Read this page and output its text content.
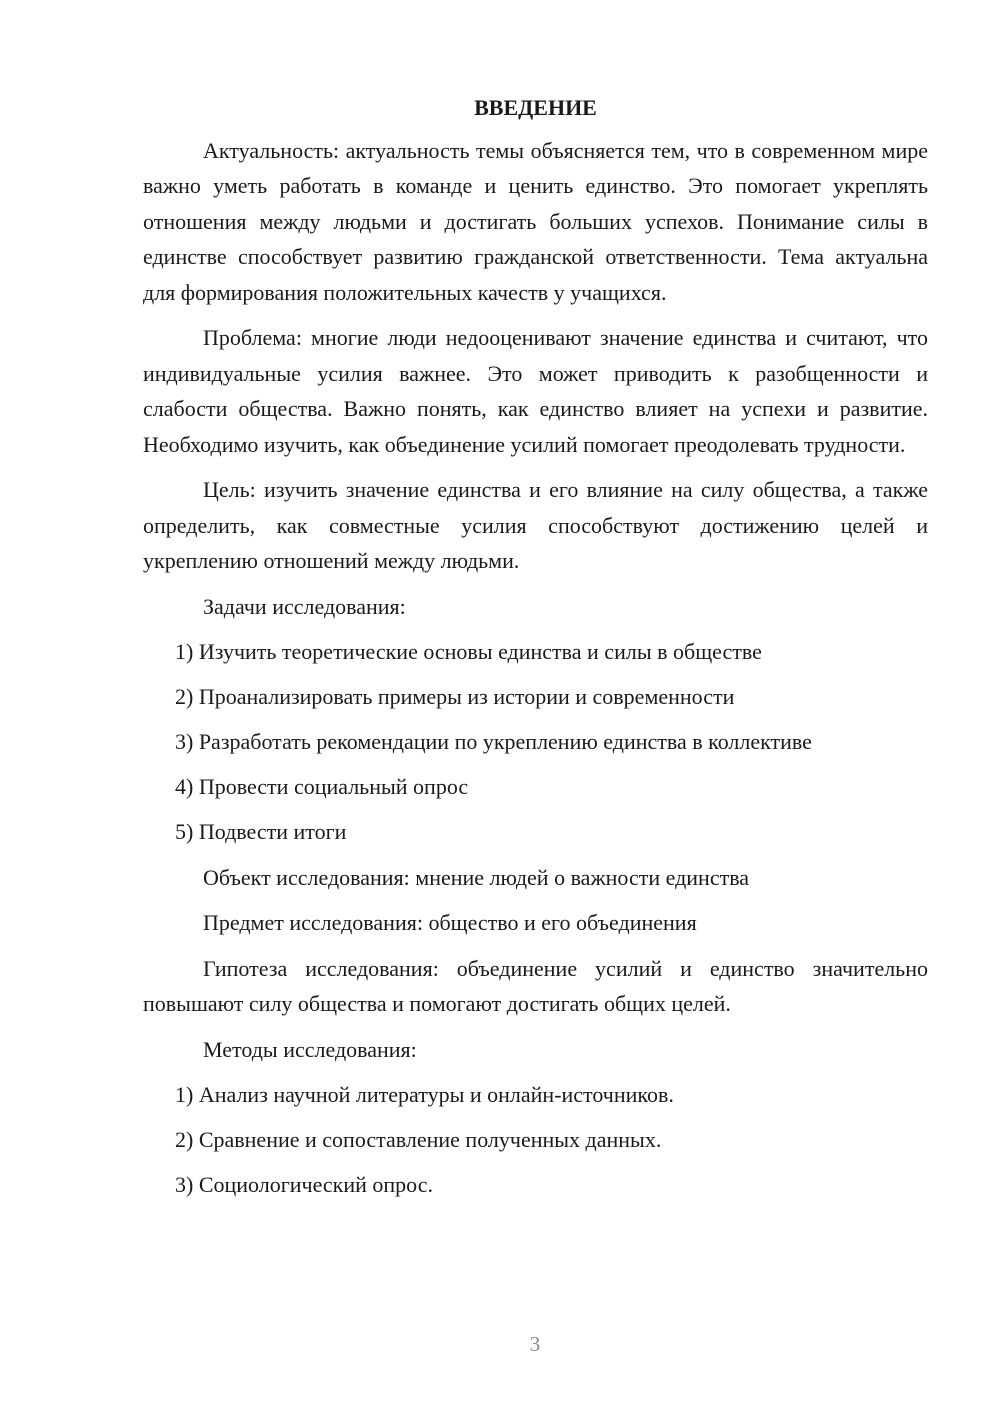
ВВЕДЕНИЕ

Актуальность: актуальность темы объясняется тем, что в современном мире важно уметь работать в команде и ценить единство. Это помогает укреплять отношения между людьми и достигать больших успехов. Понимание силы в единстве способствует развитию гражданской ответственности. Тема актуальна для формирования положительных качеств у учащихся.

Проблема: многие люди недооценивают значение единства и считают, что индивидуальные усилия важнее. Это может приводить к разобщенности и слабости общества. Важно понять, как единство влияет на успехи и развитие. Необходимо изучить, как объединение усилий помогает преодолевать трудности.

Цель: изучить значение единства и его влияние на силу общества, а также определить, как совместные усилия способствуют достижению целей и укреплению отношений между людьми.

Задачи исследования:

1) Изучить теоретические основы единства и силы в обществе
2) Проанализировать примеры из истории и современности
3) Разработать рекомендации по укреплению единства в коллективе
4) Провести социальный опрос
5) Подвести итоги

Объект исследования: мнение людей о важности единства

Предмет исследования: общество и его объединения

Гипотеза исследования: объединение усилий и единство значительно повышают силу общества и помогают достигать общих целей.

Методы исследования:

1) Анализ научной литературы и онлайн-источников.
2) Сравнение и сопоставление полученных данных.
3) Социологический опрос.
3
